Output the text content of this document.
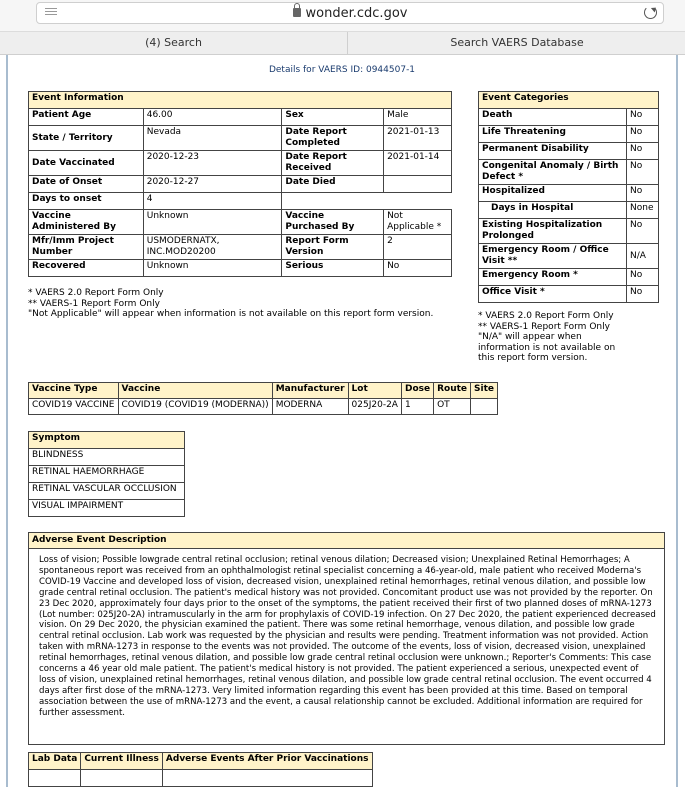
wonder.cdc.gov
(4) Search	Search VAERS Database
Details for VAERS ID: 0944507-1
Event Information			
Patient Age	46.00	Sex	Male
State / Territory	Nevada	Date Report Completed	2021-01-13
Date Vaccinated	2020-12-23	Date Report Received	2021-01-14
Date of Onset	2020-12-27	Date Died	
Days to onset	4		
Vaccine Administered By	Unknown	Vaccine Purchased By	Not Applicable *
Mfr/Imm Project Number	USMODERNATX, INC.MOD20200	Report Form Version	2
Recovered	Unknown	Serious	No
* VAERS 2.0 Report Form Only
** VAERS-1 Report Form Only
"Not Applicable" will appear when information is not available on this report form version.
Event Categories	
Death	No
Life Threatening	No
Permanent Disability	No
Congenital Anomaly / Birth Defect *	No
Hospitalized	No
Days in Hospital	None
Existing Hospitalization Prolonged	No
Emergency Room / Office Visit **	N/A
Emergency Room *	No
Office Visit *	No
* VAERS 2.0 Report Form Only
** VAERS-1 Report Form Only
"N/A" will appear when
information is not available on
this report form version.
Vaccine Type	Vaccine	Manufacturer	Lot	Dose	Route	Site
COVID19 VACCINE	COVID19 (COVID19 (MODERNA))	MODERNA	025J20-2A	1	OT	
Symptom
BLINDNESS
RETINAL HAEMORRHAGE
RETINAL VASCULAR OCCLUSION
VISUAL IMPAIRMENT
Adverse Event Description
Loss of vision; Possible lowgrade central retinal occlusion; retinal venous dilation; Decreased vision; Unexplained Retinal Hemorrhages; A spontaneous report was received from an ophthalmologist retinal specialist concerning a 46-year-old, male patient who received Moderna's COVID-19 Vaccine and developed loss of vision, decreased vision, unexplained retinal hemorrhages, retinal venous dilation, and possible low grade central retinal occlusion. The patient's medical history was not provided. Concomitant product use was not provided by the reporter. On 23 Dec 2020, approximately four days prior to the onset of the symptoms, the patient received their first of two planned doses of mRNA-1273 (Lot number: 025J20-2A) intramuscularly in the arm for prophylaxis of COVID-19 infection. On 27 Dec 2020, the patient experienced decreased vision. On 29 Dec 2020, the physician examined the patient. There was some retinal hemorrhage, venous dilation, and possible low grade central retinal occlusion. Lab work was requested by the physician and results were pending. Treatment information was not provided. Action taken with mRNA-1273 in response to the events was not provided. The outcome of the events, loss of vision, decreased vision, unexplained retinal hemorrhages, retinal venous dilation, and possible low grade central retinal occlusion were unknown.; Reporter's Comments: This case concerns a 46 year old male patient. The patient's medical history is not provided. The patient experienced a serious, unexpected event of loss of vision, unexplained retinal hemorrhages, retinal venous dilation, and possible low grade central retinal occlusion. The event occurred 4 days after first dose of the mRNA-1273. Very limited information regarding this event has been provided at this time. Based on temporal association between the use of mRNA-1273 and the event, a causal relationship cannot be excluded. Additional information are required for further assessment.
Lab Data	Current Illness	Adverse Events After Prior Vaccinations
